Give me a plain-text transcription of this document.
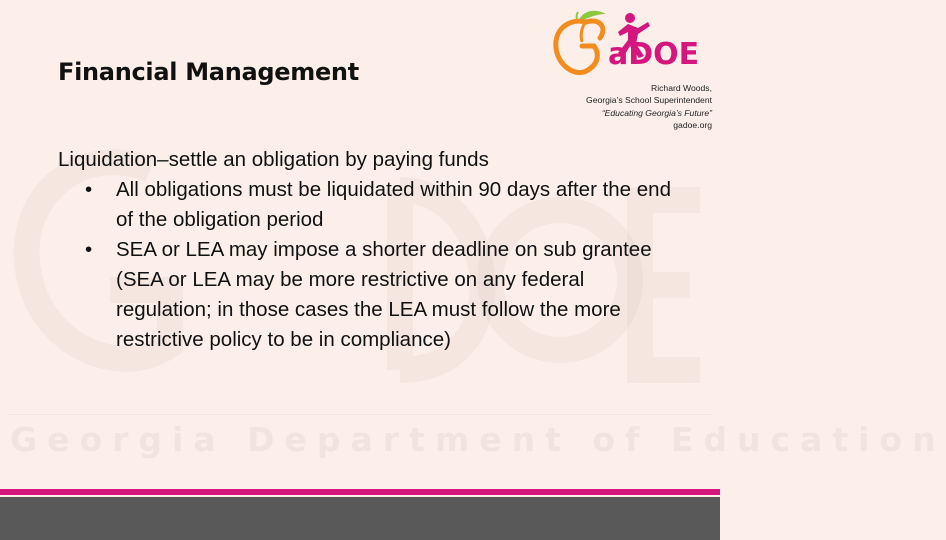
Financial Management	aDOE
Richard Woods,
Georgia’s School Superintendent
“Educating Georgia’s Future”
gadoe.org
Georgia Department of Education

Liquidation–settle an obligation by paying funds

• All obligations must be liquidated within 90 days after the end of the obligation period
• SEA or LEA may impose a shorter deadline on sub grantee (SEA or LEA may be more restrictive on any federal regulation; in those cases the LEA must follow the more restrictive policy to be in compliance)
